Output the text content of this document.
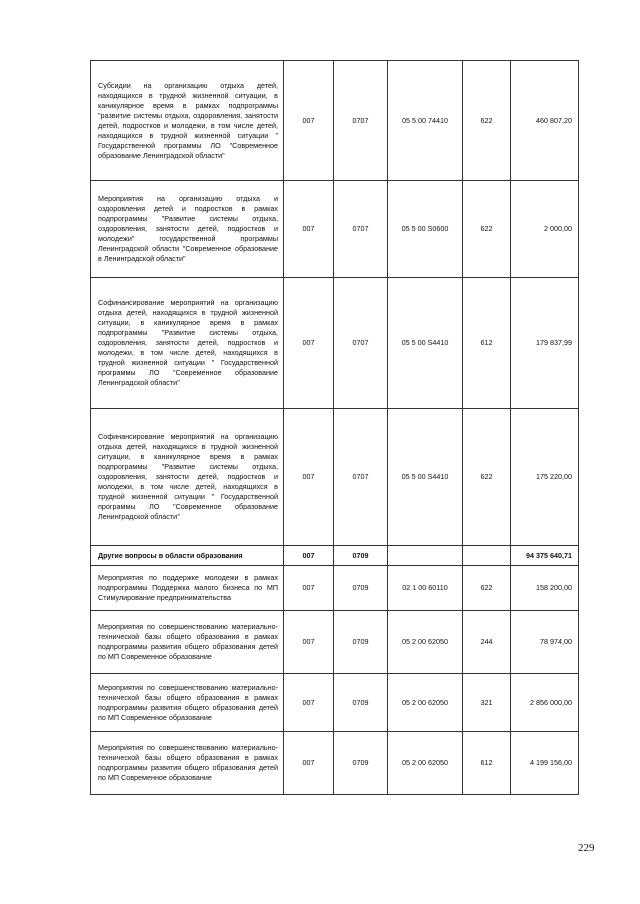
Субсидии на организацию отдыха детей, находящихся в трудной жизненной ситуации, в каникулярное время в рамках подпрограммы "развитие системы отдыха, оздоровления, занятости детей, подростков и молодежи, в том числе детей, находящихся в трудной жизненной ситуации " Государственной программы ЛО "Современное образование Ленинградской области"	007	0707	05 5 00 74410	622	460 807,20
Мероприятия на организацию отдыха и оздоровления детей и подростков в рамках подпрограммы "Развитие системы отдыха, оздоровления, занятости детей, подростков и молодежи" государственной программы Ленинградской области "Современное образование в Ленинградской области"	007	0707	05 5 00 S0600	622	2 000,00
Софинансирование мероприятий на организацию отдыха детей, находящихся в трудной жизненной ситуации, в каникулярное время в рамках подпрограммы "Развитие системы отдыха, оздоровления, занятости детей, подростков и молодежи, в том числе детей, находящихся в трудной жизненной ситуации " Государственной программы ЛО "Современное образование Ленинградской области"	007	0707	05 5 00 S4410	612	179 837,99
Софинансирование мероприятий на организацию отдыха детей, находящихся в трудной жизненной ситуации, в каникулярное время в рамках подпрограммы "Развитие системы отдыха, оздоровления, занятости детей, подростков и молодежи, в том числе детей, находящихся в трудной жизненной ситуации " Государственной программы ЛО "Современное образование Ленинградской области"	007	0707	05 5 00 S4410	622	175 220,00
Другие вопросы в области образования	007	0709			94 375 640,71
Мероприятия по поддержке молодежи в рамках подпрограммы Поддержка малого бизнеса по МП Стимулирование предпринимательства	007	0709	02 1 00 60110	622	158 200,00
Мероприятия по совершенствованию материально-технической базы общего образования в рамках подпрограммы развития общего образования детей по МП Современное образование	007	0709	05 2 00 62050	244	78 974,00
Мероприятия по совершенствованию материально-технической базы общего образования в рамках подпрограммы развития общего образования детей по МП Современное образование	007	0709	05 2 00 62050	321	2 856 000,00
Мероприятия по совершенствованию материально-технической базы общего образования в рамках подпрограммы развития общего образования детей по МП Современное образование	007	0709	05 2 00 62050	612	4 199 156,00
229
